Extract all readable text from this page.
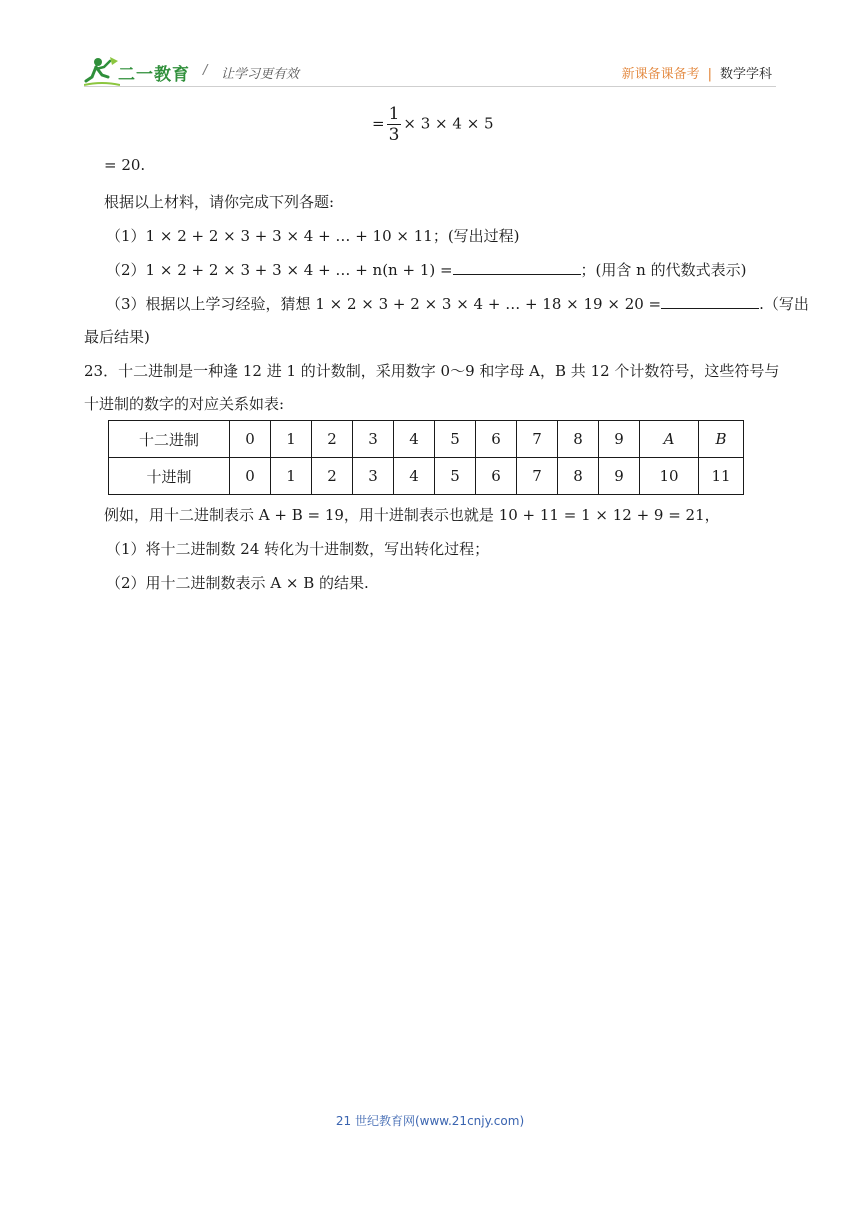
二一教育 / 让学习更有效	新课备课备考 | 数学学科
= $\frac{1}{3} \times 3 \times 4 \times 5$
= 20.
根据以上材料，请你完成下列各题:
（1）1 × 2 + 2 × 3 + 3 × 4 + … + 10 × 11；(写出过程)
（2）1 × 2 + 2 × 3 + 3 × 4 + … + n(n + 1) =	；(用含 n 的代数式表示)
（3）根据以上学习经验，猜想 1 × 2 × 3 + 2 × 3 × 4 + … + 18 × 19 × 20 =	.（写出
最后结果)
23．十二进制是一种逢 12 进 1 的计数制，采用数字 0～9 和字母 A，B 共 12 个计数符号，这些符号与
十进制的数字的对应关系如表:
十二进制	0	1	2	3	4	5	6	7	8	9	A	B
十进制	0	1	2	3	4	5	6	7	8	9	10	11
例如，用十二进制表示 A + B = 19，用十进制表示也就是 10 + 11 = 1 × 12 + 9 = 21，
（1）将十二进制数 24 转化为十进制数，写出转化过程；
（2）用十二进制数表示 A × B 的结果.
21 世纪教育网(www.21cnjy.com)
